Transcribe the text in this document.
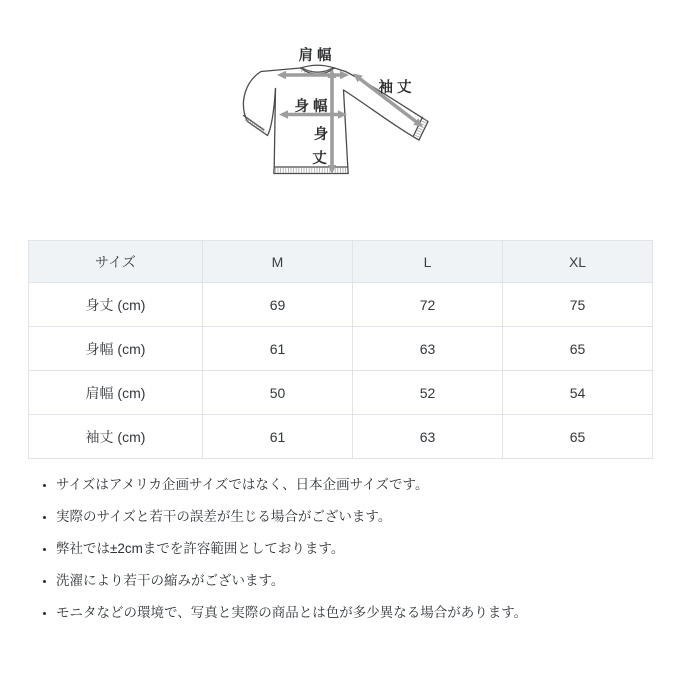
肩幅
袖丈
身幅
身
丈
サイズ	M	L	XL
身丈 (cm)	69	72	75
身幅 (cm)	61	63	65
肩幅 (cm)	50	52	54
袖丈 (cm)	61	63	65
• サイズはアメリカ企画サイズではなく、日本企画サイズです。
• 実際のサイズと若干の誤差が生じる場合がございます。
• 弊社では±2cmまでを許容範囲としております。
• 洗濯により若干の縮みがございます。
• モニタなどの環境で、写真と実際の商品とは色が多少異なる場合があります。
